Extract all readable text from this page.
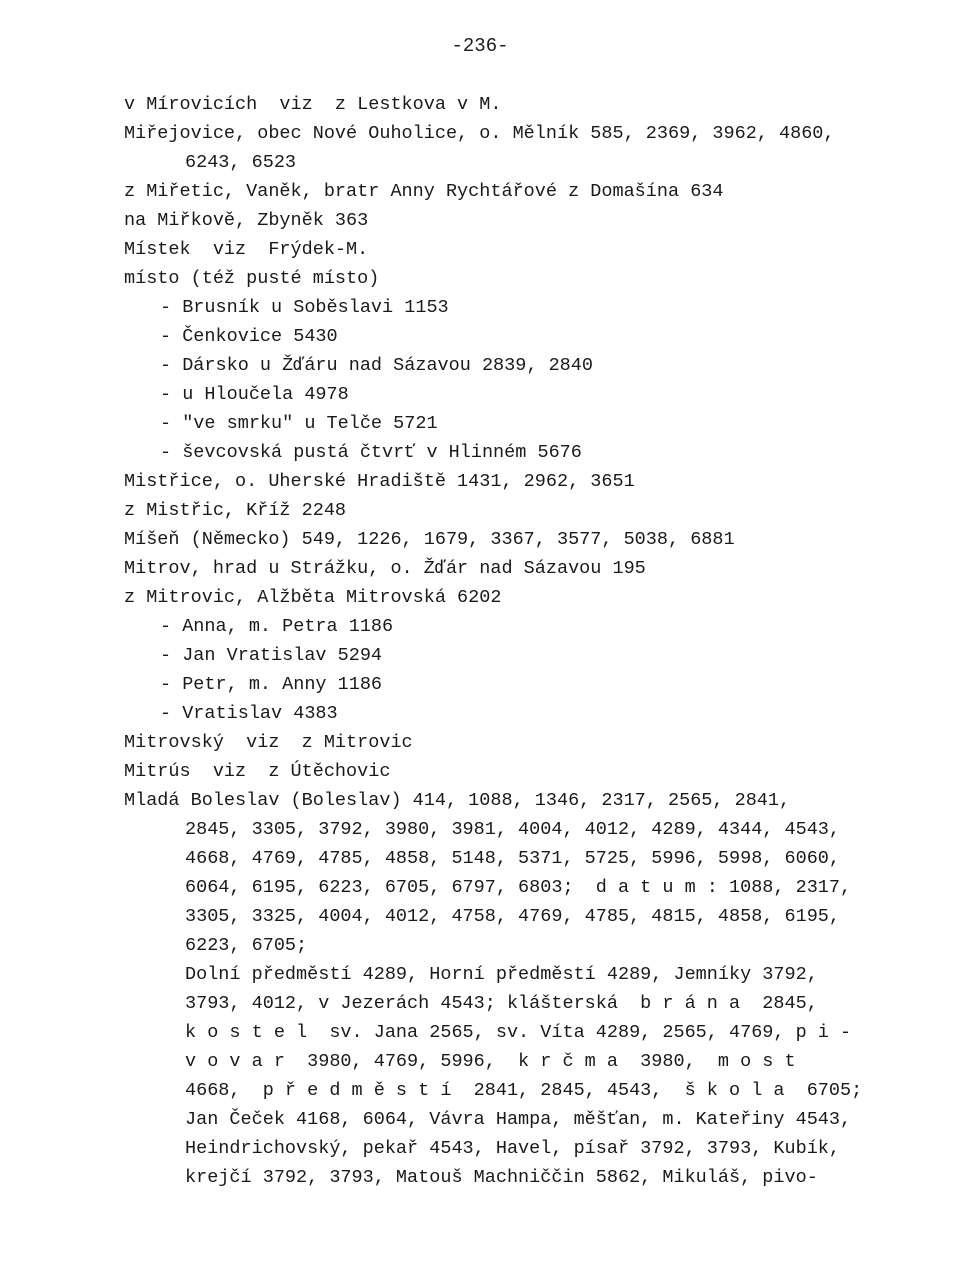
-236-
v Mírovicích  viz  z Lestkova v M.
Miřejovice, obec Nové Ouholice, o. Mělník 585, 2369, 3962, 4860,
6243, 6523
z Miřetic, Vaněk, bratr Anny Rychtářové z Domašína 634
na Miřkově, Zbyněk 363
Místek  viz  Frýdek-M.
místo (též pusté místo)
- Brusník u Soběslavi 1153
- Čenkovice 5430
- Dársko u Žďáru nad Sázavou 2839, 2840
- u Hloučela 4978
- "ve smrku" u Telče 5721
- ševcovská pustá čtvrť v Hlinném 5676
Mistřice, o. Uherské Hradiště 1431, 2962, 3651
z Mistřic, Kříž 2248
Míšeň (Německo) 549, 1226, 1679, 3367, 3577, 5038, 6881
Mitrov, hrad u Strážku, o. Žďár nad Sázavou 195
z Mitrovic, Alžběta Mitrovská 6202
- Anna, m. Petra 1186
- Jan Vratislav 5294
- Petr, m. Anny 1186
- Vratislav 4383
Mitrovský  viz  z Mitrovic
Mitrús  viz  z Útěchovic
Mladá Boleslav (Boleslav) 414, 1088, 1346, 2317, 2565, 2841,
2845, 3305, 3792, 3980, 3981, 4004, 4012, 4289, 4344, 4543,
4668, 4769, 4785, 4858, 5148, 5371, 5725, 5996, 5998, 6060,
6064, 6195, 6223, 6705, 6797, 6803;  d a t u m : 1088, 2317,
3305, 3325, 4004, 4012, 4758, 4769, 4785, 4815, 4858, 6195,
6223, 6705;
Dolní předměstí 4289, Horní předměstí 4289, Jemníky 3792,
3793, 4012, v Jezerách 4543; klášterská  b r á n a  2845,
k o s t e l  sv. Jana 2565, sv. Víta 4289, 2565, 4769, p i -
v o v a r  3980, 4769, 5996,  k r č m a  3980,  m o s t
4668,  p ř e d m ě s t í  2841, 2845, 4543,  š k o l a  6705;
Jan Čeček 4168, 6064, Vávra Hampa, měšťan, m. Kateřiny 4543,
Heindrichovský, pekař 4543, Havel, písař 3792, 3793, Kubík,
krejčí 3792, 3793, Matouš Machniččin 5862, Mikuláš, pivo-
